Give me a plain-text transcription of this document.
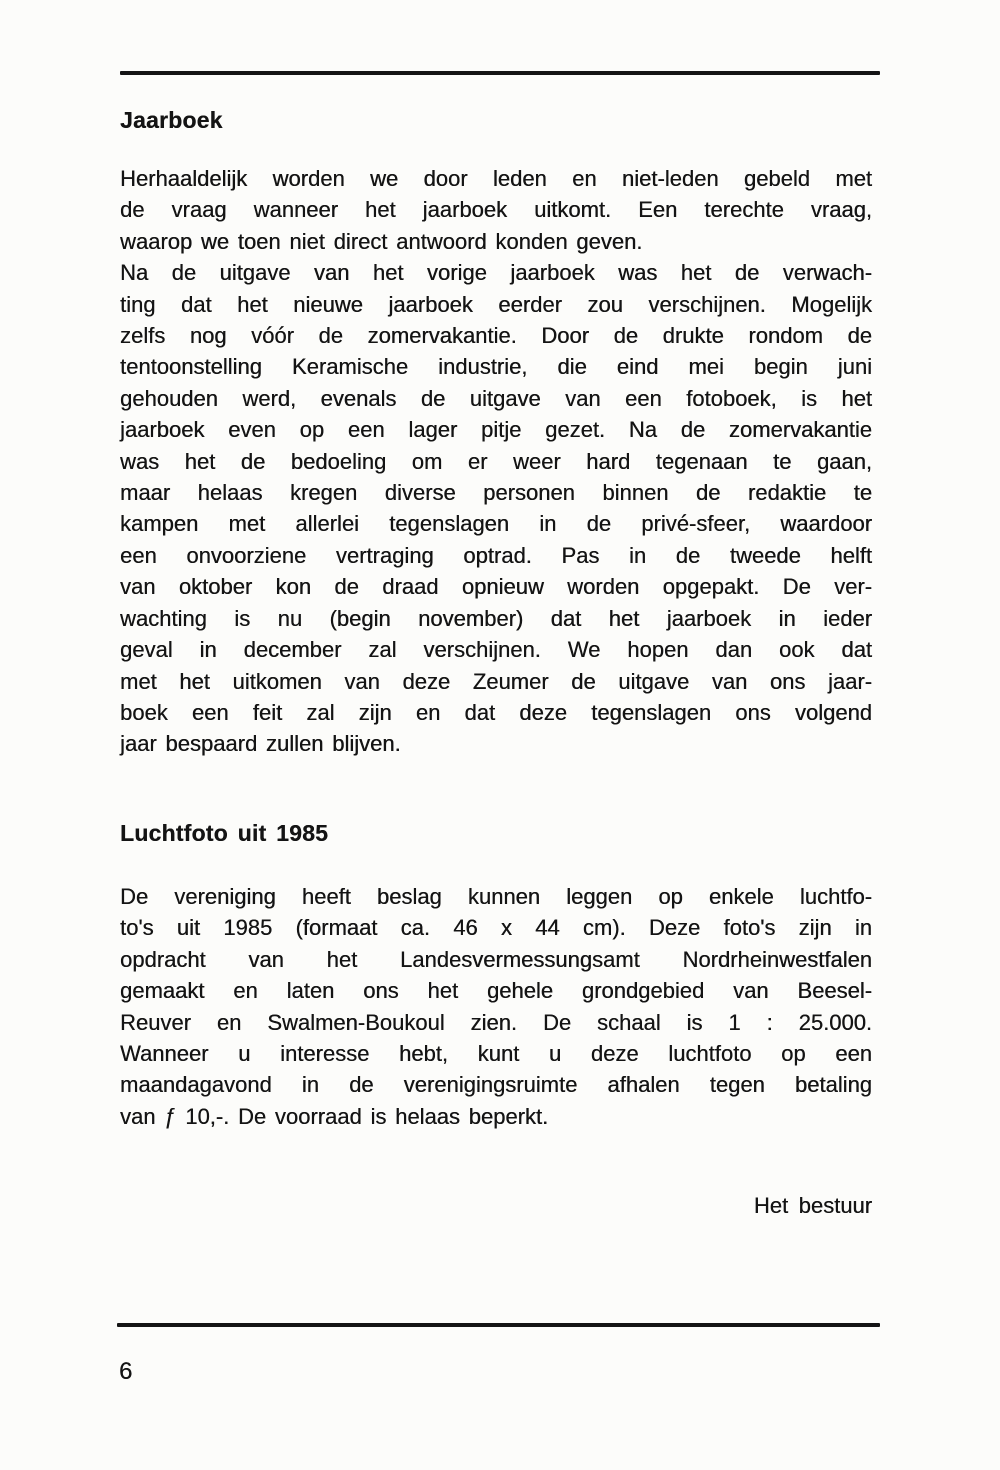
Jaarboek
Herhaaldelijk worden we door leden en niet-leden gebeld met
de vraag wanneer het jaarboek uitkomt. Een terechte vraag,
waarop we toen niet direct antwoord konden geven.
Na de uitgave van het vorige jaarboek was het de verwach-
ting dat het nieuwe jaarboek eerder zou verschijnen. Mogelijk
zelfs nog vóór de zomervakantie. Door de drukte rondom de
tentoonstelling Keramische industrie, die eind mei begin juni
gehouden werd, evenals de uitgave van een fotoboek, is het
jaarboek even op een lager pitje gezet. Na de zomervakantie
was het de bedoeling om er weer hard tegenaan te gaan,
maar helaas kregen diverse personen binnen de redaktie te
kampen met allerlei tegenslagen in de privé-sfeer, waardoor
een onvoorziene vertraging optrad. Pas in de tweede helft
van oktober kon de draad opnieuw worden opgepakt. De ver-
wachting is nu (begin november) dat het jaarboek in ieder
geval in december zal verschijnen. We hopen dan ook dat
met het uitkomen van deze Zeumer de uitgave van ons jaar-
boek een feit zal zijn en dat deze tegenslagen ons volgend
jaar bespaard zullen blijven.
Luchtfoto uit 1985
De vereniging heeft beslag kunnen leggen op enkele luchtfo-
to's uit 1985 (formaat ca. 46 x 44 cm). Deze foto's zijn in
opdracht van het Landesvermessungsamt Nordrheinwestfalen
gemaakt en laten ons het gehele grondgebied van Beesel-
Reuver en Swalmen-Boukoul zien. De schaal is 1 : 25.000.
Wanneer u interesse hebt, kunt u deze luchtfoto op een
maandagavond in de verenigingsruimte afhalen tegen betaling
van ƒ 10,-. De voorraad is helaas beperkt.
Het bestuur
6
